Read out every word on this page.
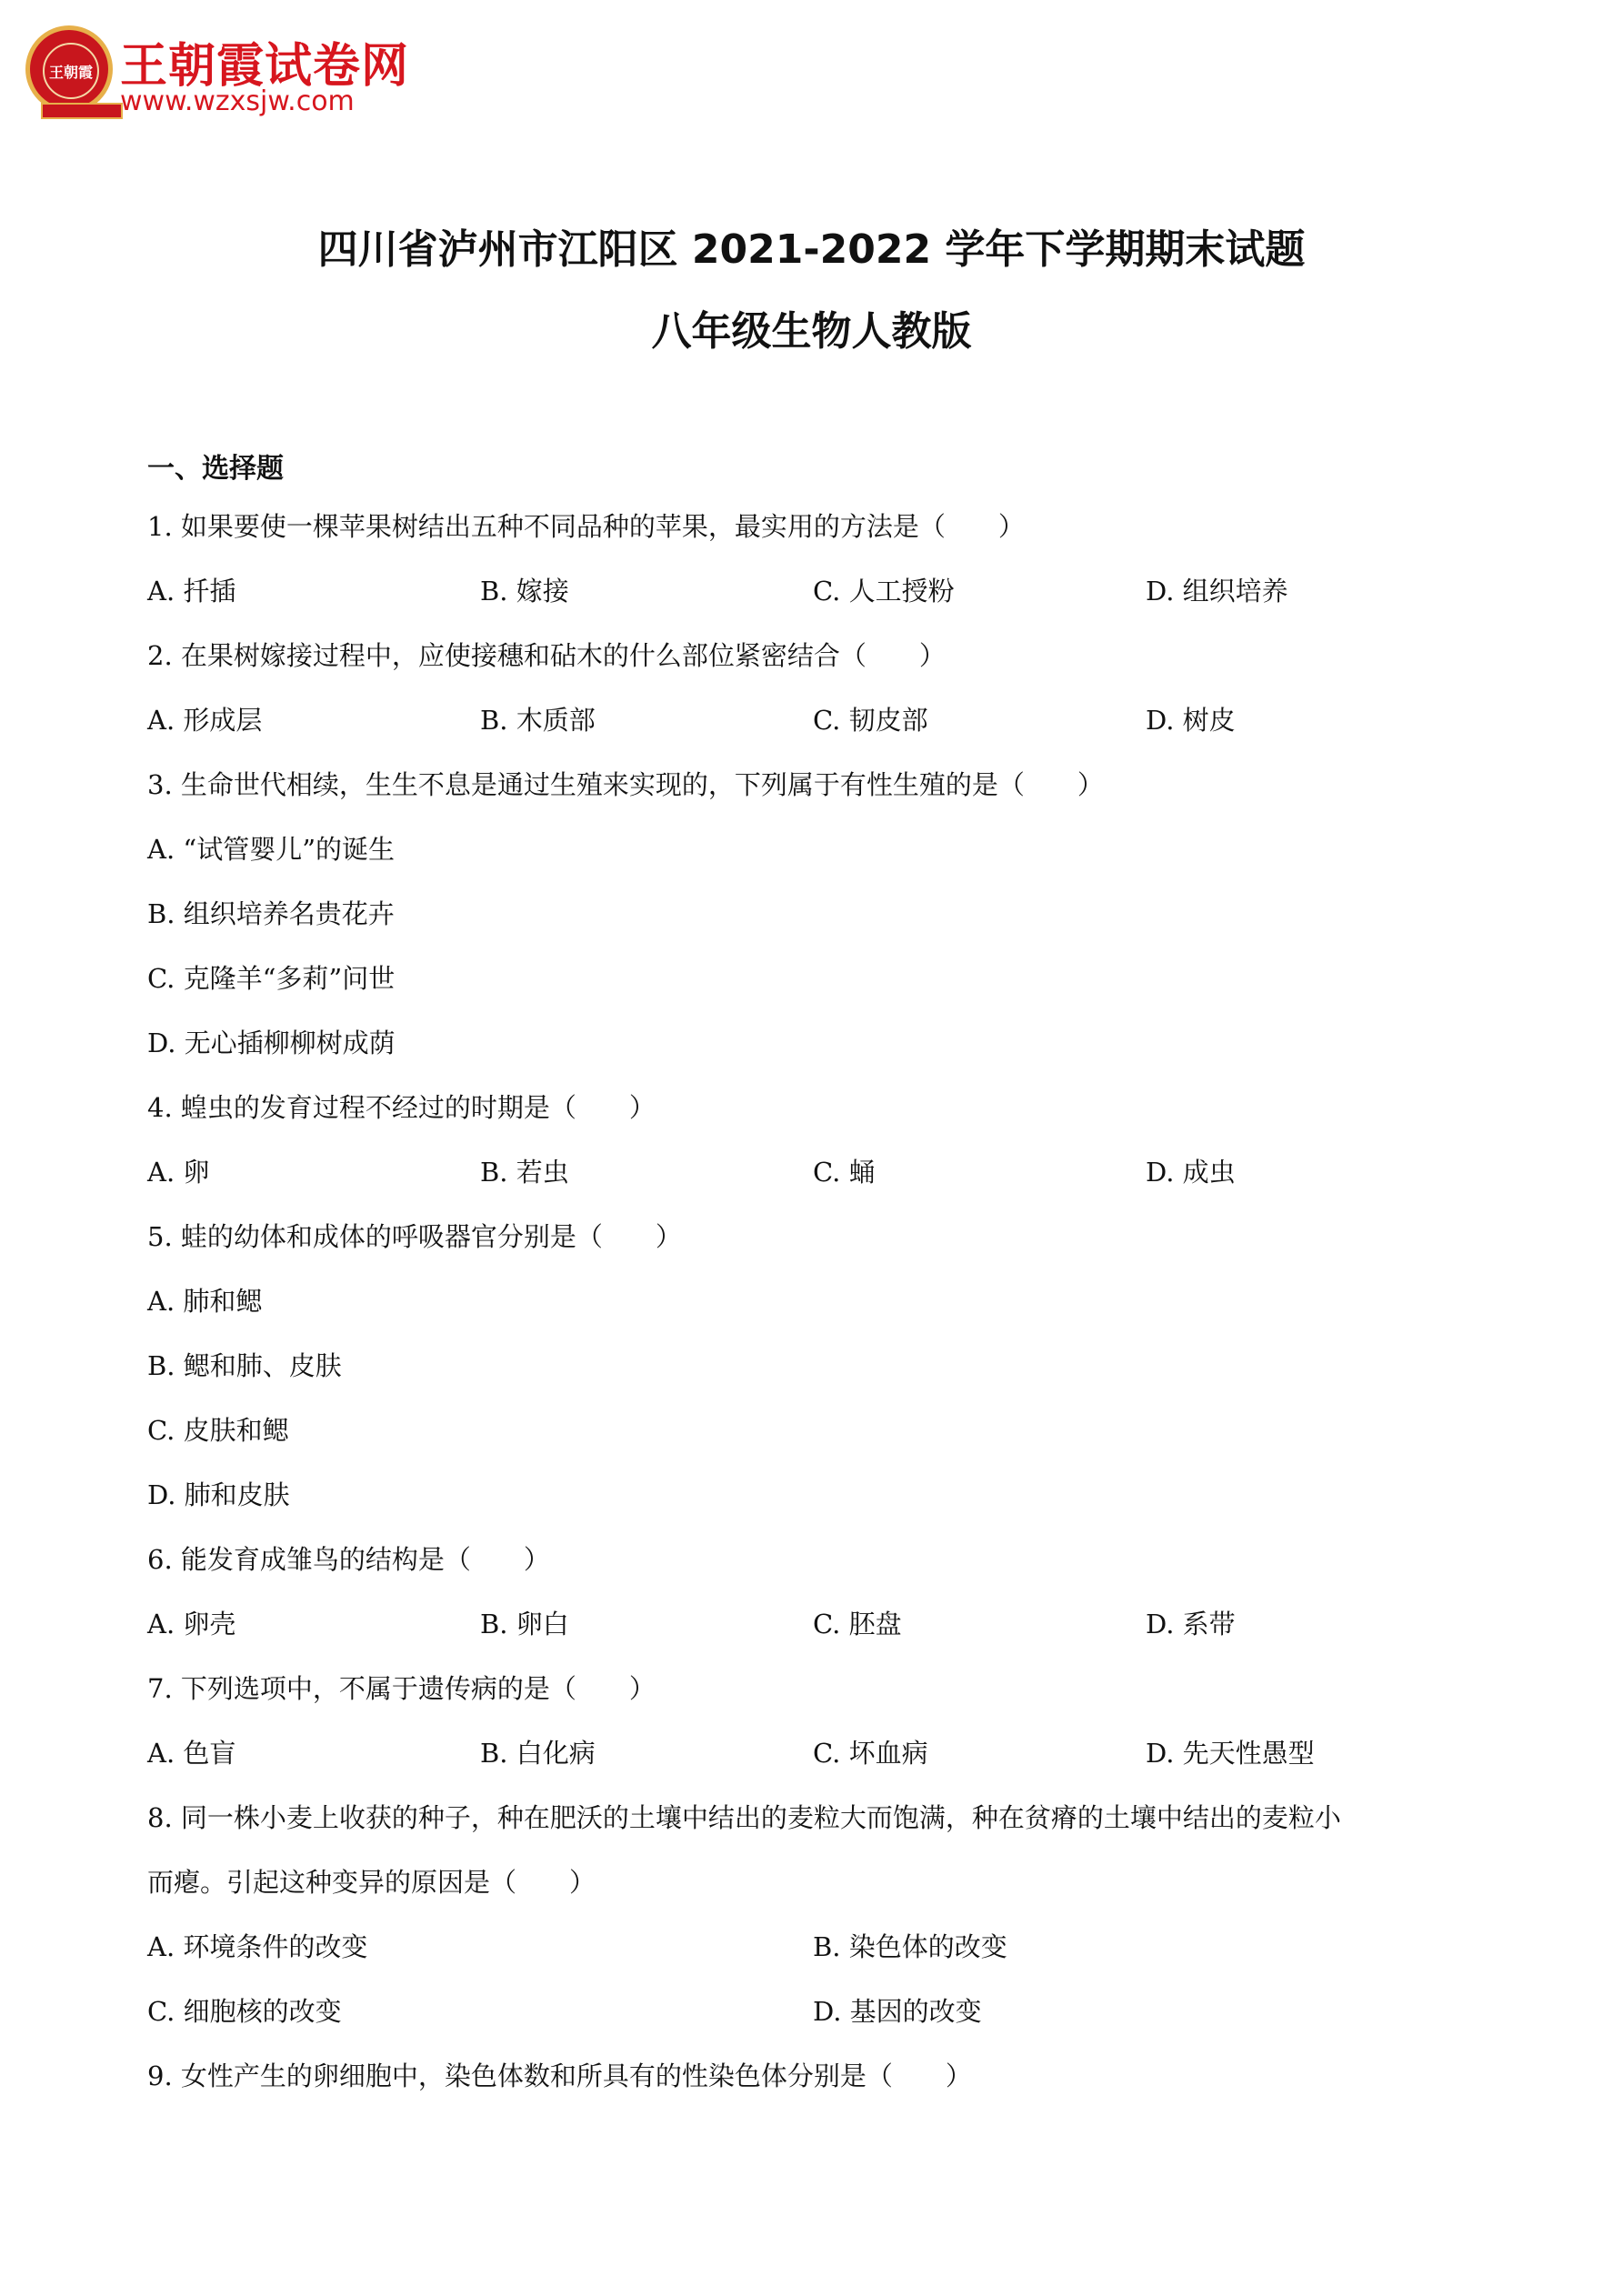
王朝霞 王朝霞试卷网
www.wzxsjw.com
四川省泸州市江阳区 2021-2022 学年下学期期末试题
八年级生物人教版
一、选择题
1. 如果要使一棵苹果树结出五种不同品种的苹果，最实用的方法是（　　）
A. 扦插	B. 嫁接	C. 人工授粉	D. 组织培养
2. 在果树嫁接过程中，应使接穗和砧木的什么部位紧密结合（　　）
A. 形成层	B. 木质部	C. 韧皮部	D. 树皮
3. 生命世代相续，生生不息是通过生殖来实现的，下列属于有性生殖的是（　　）
A. “试管婴儿”的诞生
B. 组织培养名贵花卉
C. 克隆羊“多莉”问世
D. 无心插柳柳树成荫
4. 蝗虫的发育过程不经过的时期是（　　）
A. 卵	B. 若虫	C. 蛹	D. 成虫
5. 蛙的幼体和成体的呼吸器官分别是（　　）
A. 肺和鳃
B. 鳃和肺、皮肤
C. 皮肤和鳃
D. 肺和皮肤
6. 能发育成雏鸟的结构是（　　）
A. 卵壳	B. 卵白	C. 胚盘	D. 系带
7. 下列选项中，不属于遗传病的是（　　）
A. 色盲	B. 白化病	C. 坏血病	D. 先天性愚型
8. 同一株小麦上收获的种子，种在肥沃的土壤中结出的麦粒大而饱满，种在贫瘠的土壤中结出的麦粒小
而瘪。引起这种变异的原因是（　　）
A. 环境条件的改变	B. 染色体的改变
C. 细胞核的改变	D. 基因的改变
9. 女性产生的卵细胞中，染色体数和所具有的性染色体分别是（　　）
